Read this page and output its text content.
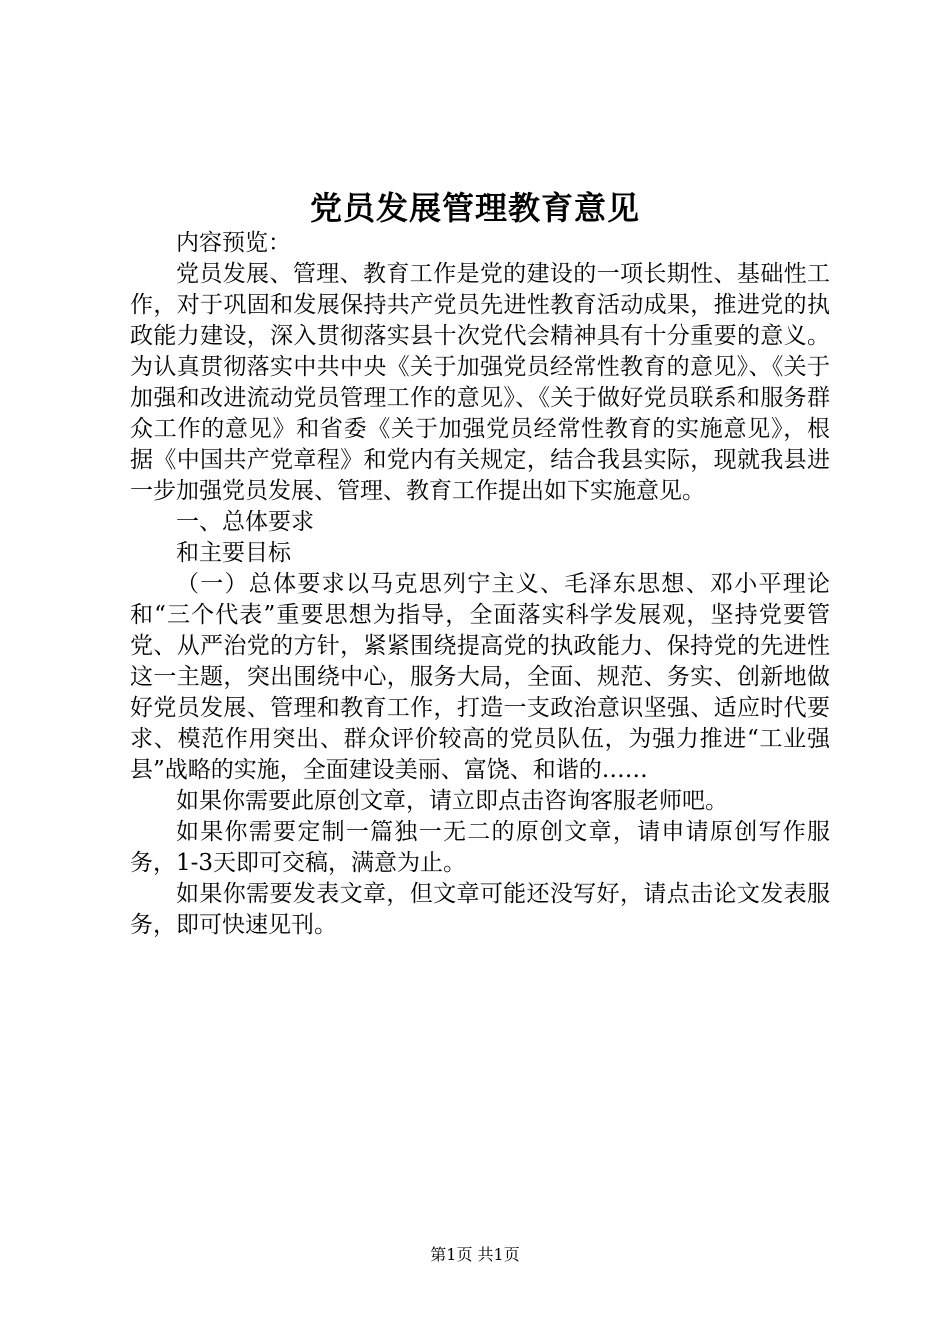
党员发展管理教育意见

内容预览：

党员发展、管理、教育工作是党的建设的一项长期性、基础性工作，对于巩固和发展保持共产党员先进性教育活动成果，推进党的执政能力建设，深入贯彻落实县十次党代会精神具有十分重要的意义。为认真贯彻落实中共中央《关于加强党员经常性教育的意见》、《关于加强和改进流动党员管理工作的意见》、《关于做好党员联系和服务群众工作的意见》和省委《关于加强党员经常性教育的实施意见》，根据《中国共产党章程》和党内有关规定，结合我县实际，现就我县进一步加强党员发展、管理、教育工作提出如下实施意见。

一、总体要求

和主要目标

（一）总体要求以马克思列宁主义、毛泽东思想、邓小平理论和“三个代表”重要思想为指导，全面落实科学发展观，坚持党要管党、从严治党的方针，紧紧围绕提高党的执政能力、保持党的先进性这一主题，突出围绕中心，服务大局，全面、规范、务实、创新地做好党员发展、管理和教育工作，打造一支政治意识坚强、适应时代要求、模范作用突出、群众评价较高的党员队伍，为强力推进“工业强县”战略的实施，全面建设美丽、富饶、和谐的……

如果你需要此原创文章，请立即点击咨询客服老师吧。

如果你需要定制一篇独一无二的原创文章，请申请原创写作服务，1-3天即可交稿，满意为止。

如果你需要发表文章，但文章可能还没写好，请点击论文发表服务，即可快速见刊。

第1页 共1页
